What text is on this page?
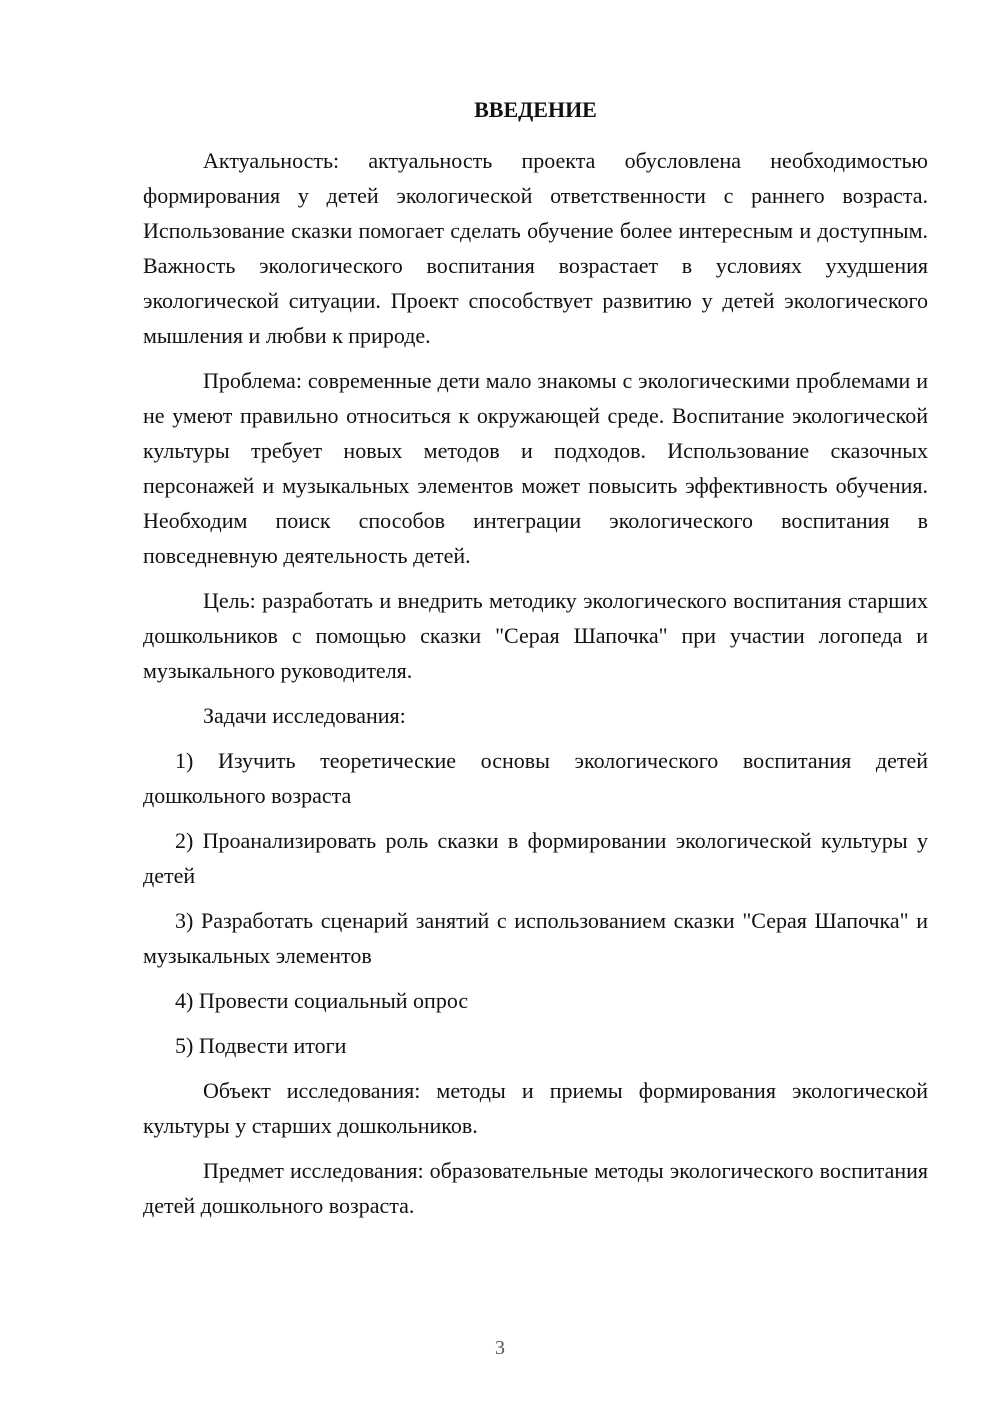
ВВЕДЕНИЕ

Актуальность: актуальность проекта обусловлена необходимостью формирования у детей экологической ответственности с раннего возраста. Использование сказки помогает сделать обучение более интересным и доступным. Важность экологического воспитания возрастает в условиях ухудшения экологической ситуации. Проект способствует развитию у детей экологического мышления и любви к природе.

Проблема: современные дети мало знакомы с экологическими проблемами и не умеют правильно относиться к окружающей среде. Воспитание экологической культуры требует новых методов и подходов. Использование сказочных персонажей и музыкальных элементов может повысить эффективность обучения. Необходим поиск способов интеграции экологического воспитания в повседневную деятельность детей.

Цель: разработать и внедрить методику экологического воспитания старших дошкольников с помощью сказки "Серая Шапочка" при участии логопеда и музыкального руководителя.

Задачи исследования:

1) Изучить теоретические основы экологического воспитания детей дошкольного возраста

2) Проанализировать роль сказки в формировании экологической культуры у детей

3) Разработать сценарий занятий с использованием сказки "Серая Шапочка" и музыкальных элементов

4) Провести социальный опрос

5) Подвести итоги

Объект исследования: методы и приемы формирования экологической культуры у старших дошкольников.

Предмет исследования: образовательные методы экологического воспитания детей дошкольного возраста.

3
